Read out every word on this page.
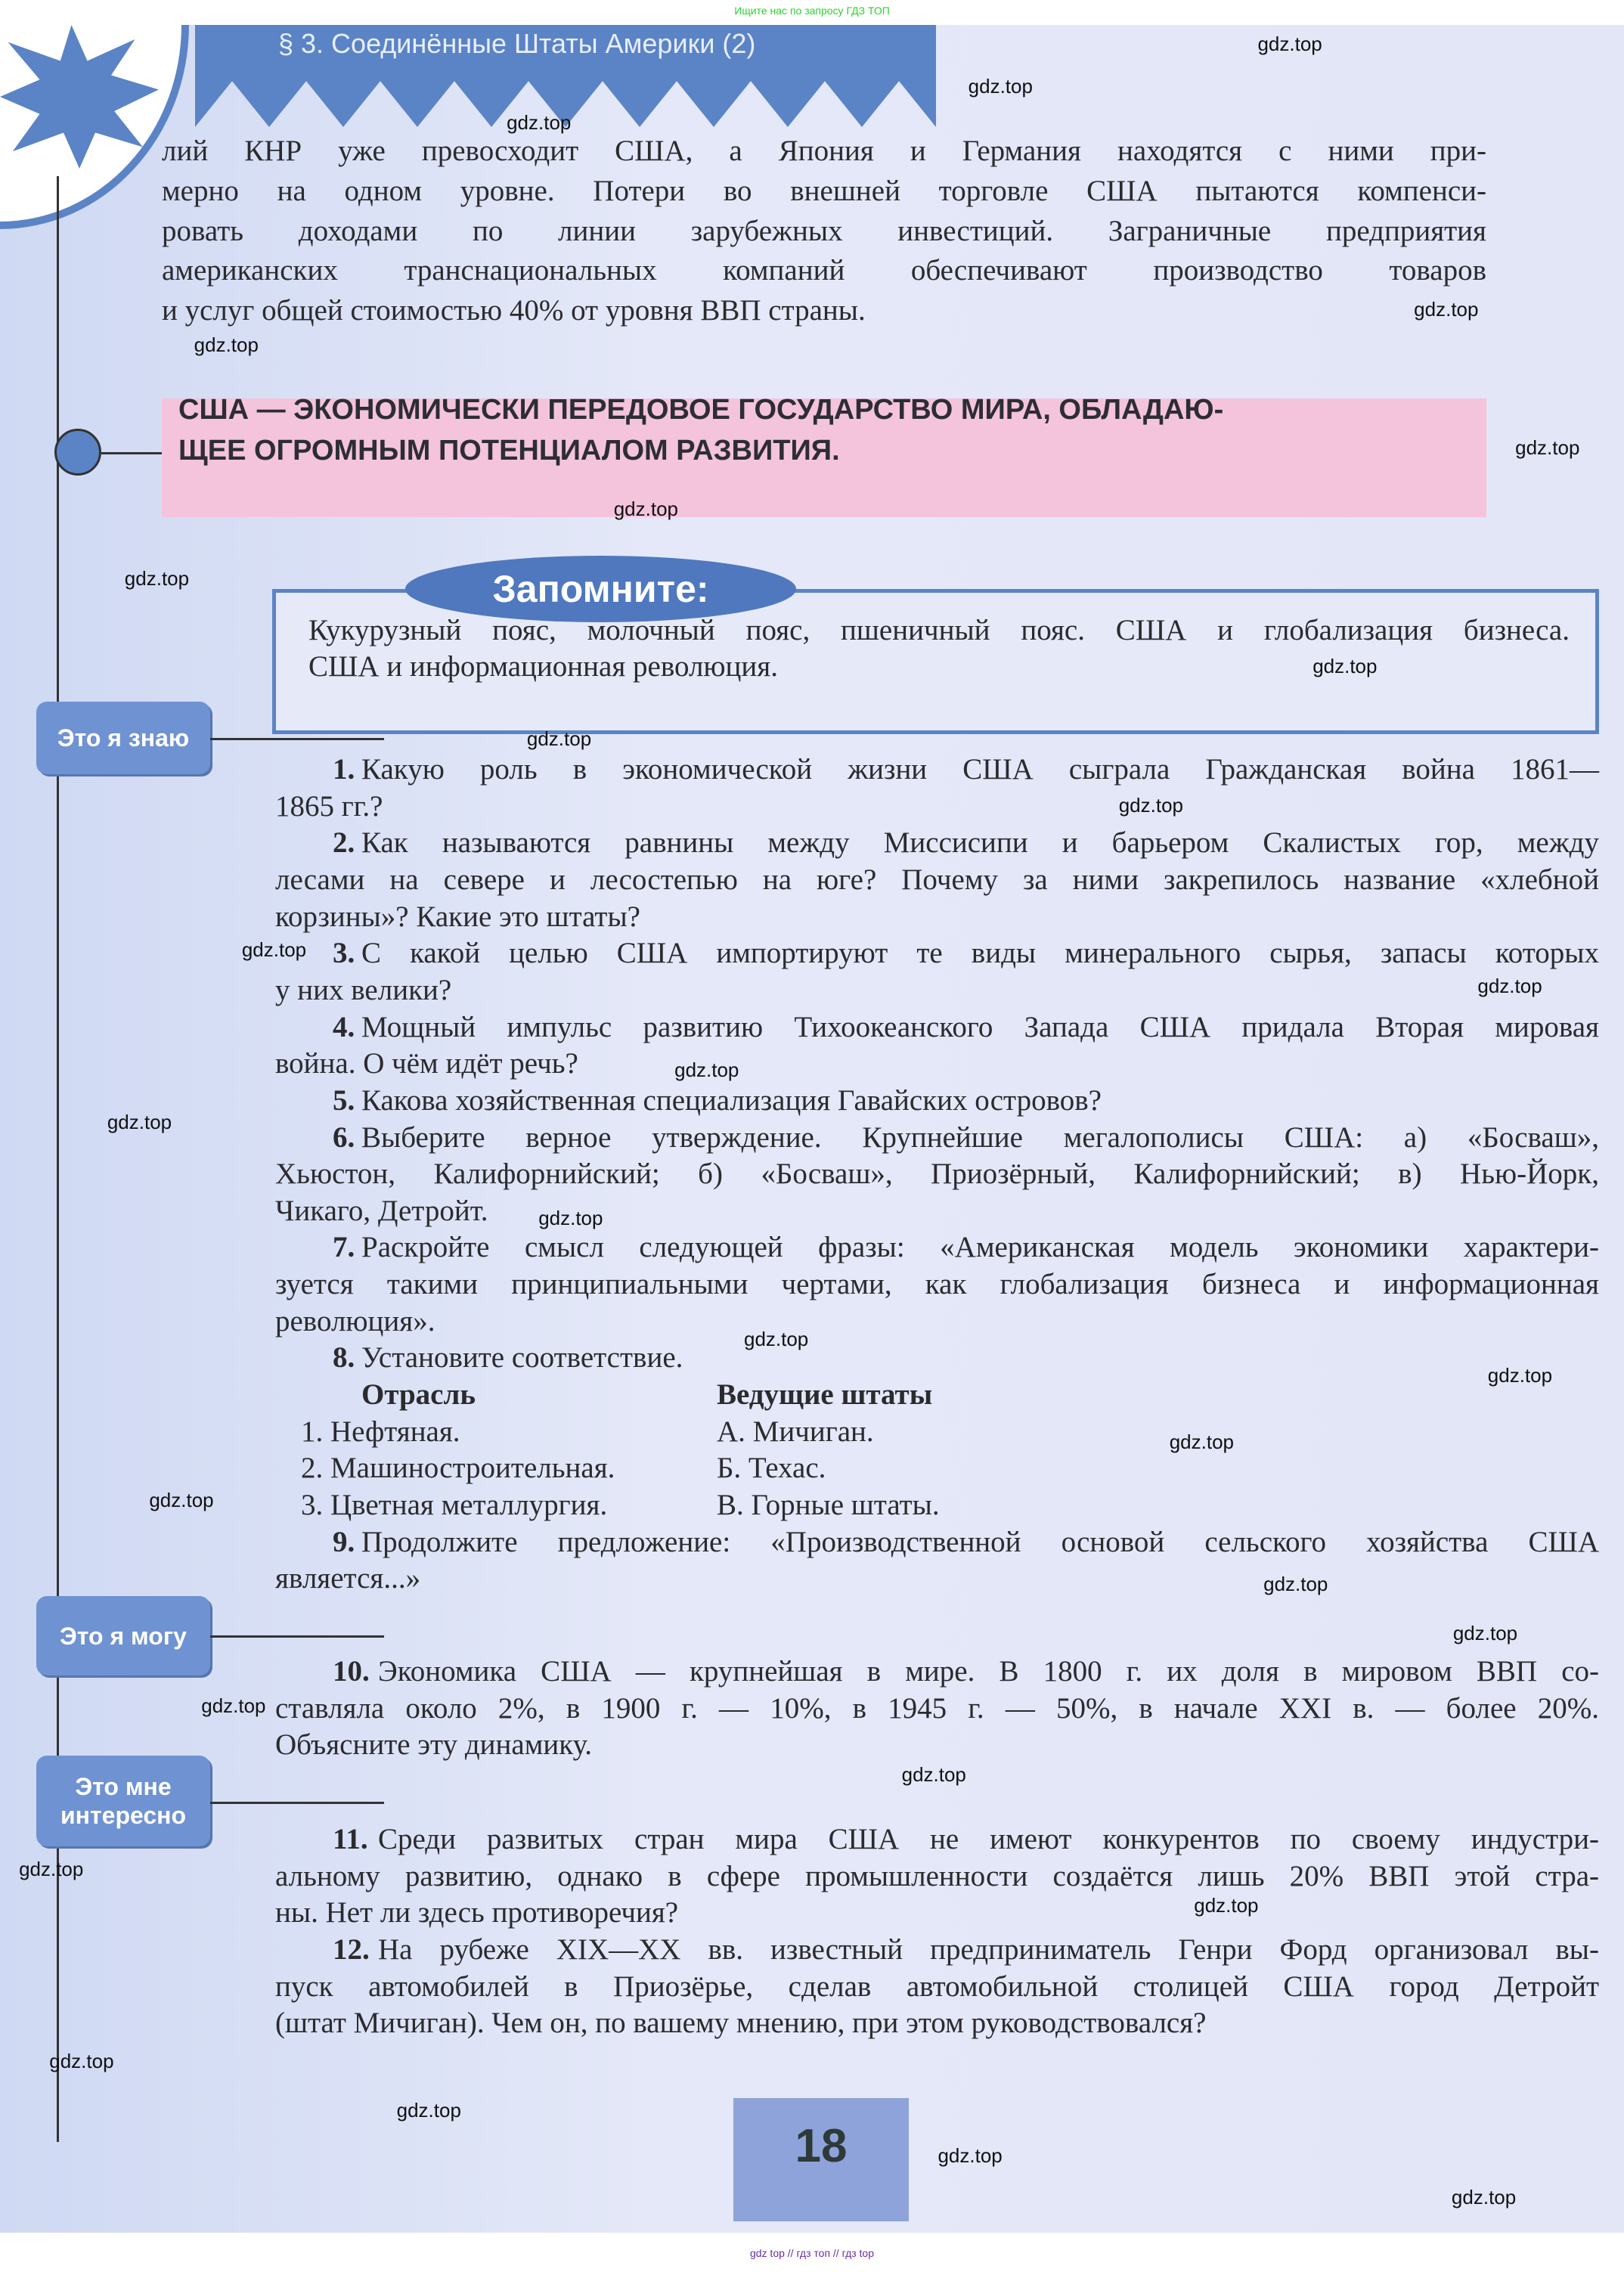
Ищите нас по запросу ГДЗ ТОП
§ 3. Соединённые Штаты Америки (2)
США — ЭКОНОМИЧЕСКИ ПЕРЕДОВОЕ ГОСУДАРСТВО МИРА, ОБЛАДАЮ-
ЩЕЕ ОГРОМНЫМ ПОТЕНЦИАЛОМ РАЗВИТИЯ.
Запомните:
Кукурузный пояс, молочный пояс, пшеничный пояс. США и глобализация бизнеса.
США и информационная революция.
Это я знаю
Это я могу
Это мне интересно
18
лий КНР уже превосходит США, а Япония и Германия находятся с ними при-
мерно на одном уровне. Потери во внешней торговле США пытаются компенси-
ровать доходами по линии зарубежных инвестиций. Заграничные предприятия
американских транснациональных компаний обеспечивают производство товаров
и услуг общей стоимостью 40% от уровня ВВП страны.
1. Какую роль в экономической жизни США сыграла Гражданская война 1861—
1865 гг.?
2. Как называются равнины между Миссисипи и барьером Скалистых гор, между
лесами на севере и лесостепью на юге? Почему за ними закрепилось название «хлебной
корзины»? Какие это штаты?
3. С какой целью США импортируют те виды минерального сырья, запасы которых
у них велики?
4. Мощный импульс развитию Тихоокеанского Запада США придала Вторая мировая
война. О чём идёт речь?
5. Какова хозяйственная специализация Гавайских островов?
6. Выберите верное утверждение. Крупнейшие мегалополисы США: а) «Босваш»,
Хьюстон, Калифорнийский; б) «Босваш», Приозёрный, Калифорнийский; в) Нью-Йорк,
Чикаго, Детройт.
7. Раскройте смысл следующей фразы: «Американская модель экономики характери-
зуется такими принципиальными чертами, как глобализация бизнеса и информационная
революция».
8. Установите соответствие.
Отрасль	Ведущие штаты
1. Нефтяная.	А. Мичиган.
2. Машиностроительная.	Б. Техас.
3. Цветная металлургия.	В. Горные штаты.
9. Продолжите предложение: «Производственной основой сельского хозяйства США
является...»
10. Экономика США — крупнейшая в мире. В 1800 г. их доля в мировом ВВП со-
ставляла около 2%, в 1900 г. — 10%, в 1945 г. — 50%, в начале XXI в. — более 20%.
Объясните эту динамику.
11. Среди развитых стран мира США не имеют конкурентов по своему индустри-
альному развитию, однако в сфере промышленности создаётся лишь 20% ВВП этой стра-
ны. Нет ли здесь противоречия?
12. На рубеже XIX—XX вв. известный предприниматель Генри Форд организовал вы-
пуск автомобилей в Приозёрье, сделав автомобильной столицей США город Детройт
(штат Мичиган). Чем он, по вашему мнению, при этом руководствовался?
gdz.top
gdz.top
gdz.top
gdz.top
gdz.top
gdz.top
gdz.top
gdz.top
gdz.top
gdz.top
gdz.top
gdz.top
gdz.top
gdz.top
gdz.top
gdz.top
gdz.top
gdz.top
gdz.top
gdz.top
gdz.top
gdz.top
gdz.top
gdz.top
gdz.top
gdz.top
gdz.top
gdz.top
gdz.top
gdz.top
gdz top // гдз топ // гдз top
